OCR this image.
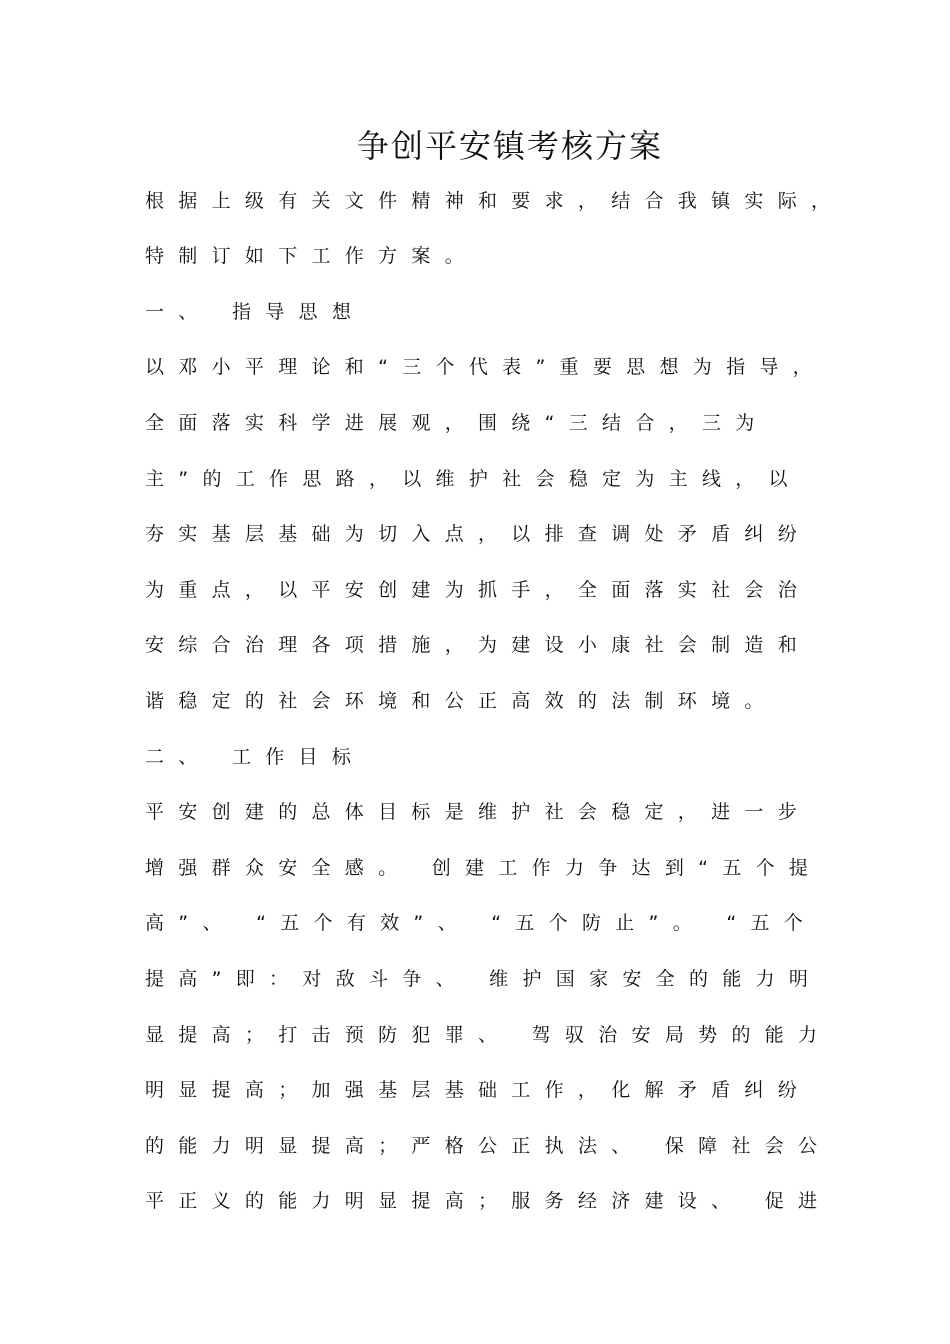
争创平安镇考核方案
根据上级有关文件精神和要求，结合我镇实际，
特制订如下工作方案。
一、 指导思想
以邓小平理论和“三个代表”重要思想为指导，
全面落实科学进展观，围绕“三结合，三为
主”的工作思路，以维护社会稳定为主线，以
夯实基层基础为切入点，以排查调处矛盾纠纷
为重点，以平安创建为抓手，全面落实社会治
安综合治理各项措施，为建设小康社会制造和
谐稳定的社会环境和公正高效的法制环境。
二、 工作目标
平安创建的总体目标是维护社会稳定，进一步
增强群众安全感。 创建工作力争达到“五个提
高”、 “五个有效”、 “五个防止”。 “五个
提高”即：对敌斗争、 维护国家安全的能力明
显提高；打击预防犯罪、 驾驭治安局势的能力
明显提高；加强基层基础工作，化解矛盾纠纷
的能力明显提高；严格公正执法、 保障社会公
平正义的能力明显提高；服务经济建设、 促进
